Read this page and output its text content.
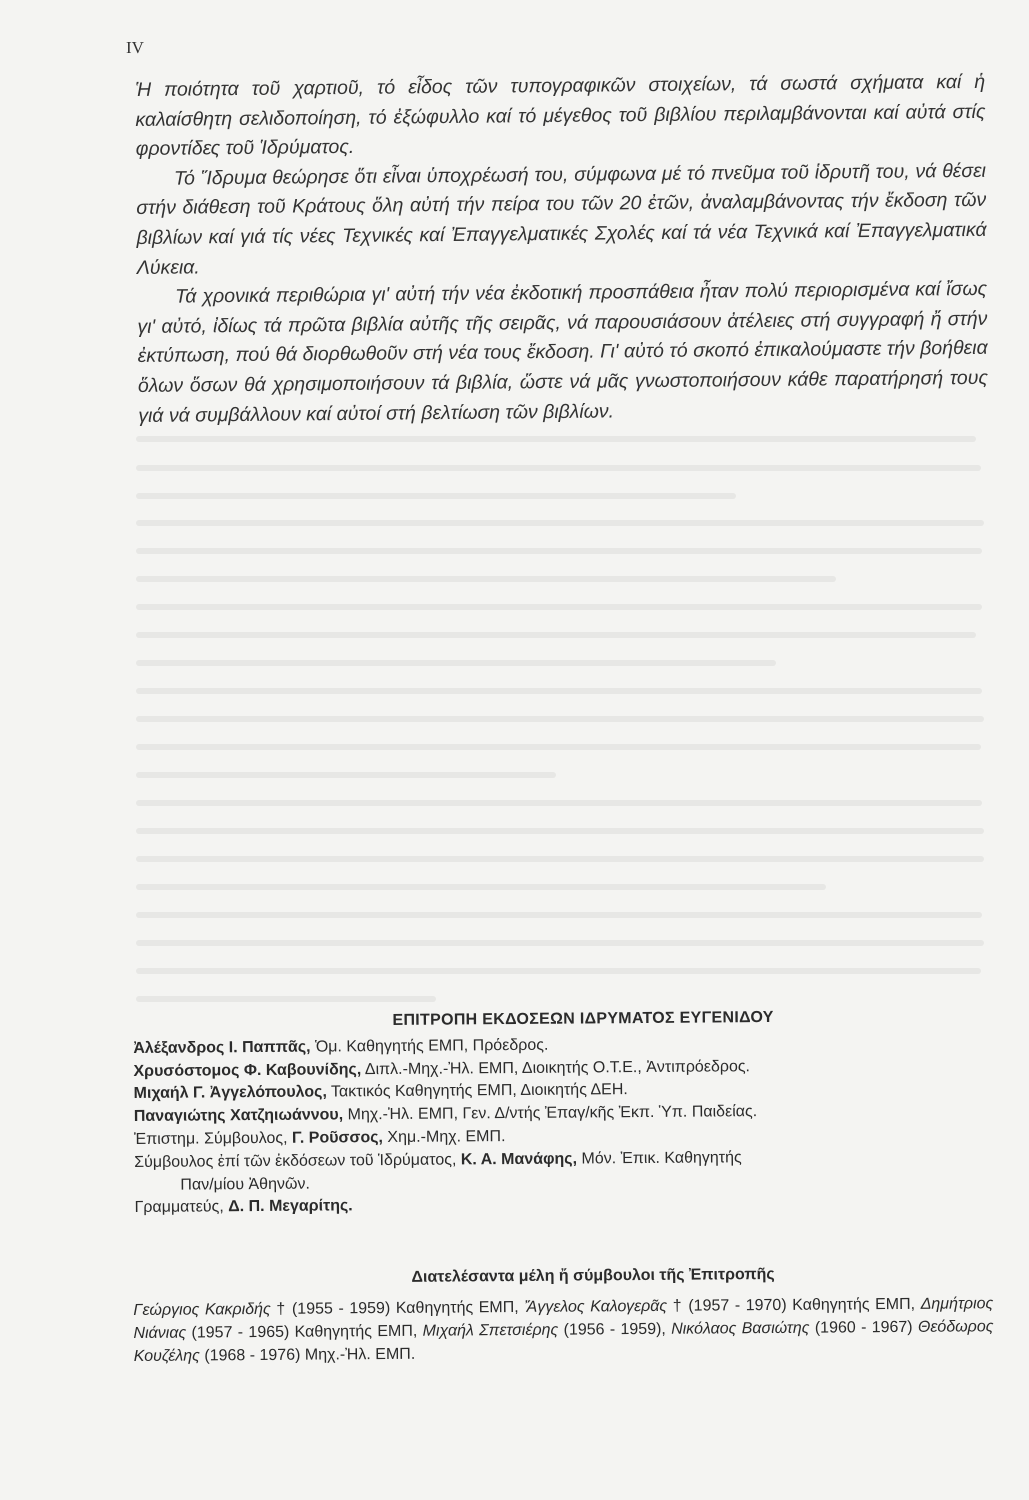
IV

Ἡ ποιότητα τοῦ χαρτιοῦ, τό εἶδος τῶν τυπογραφικῶν στοιχείων, τά σωστά σχήματα καί ἡ καλαίσθητη σελιδοποίηση, τό ἐξώφυλλο καί τό μέγεθος τοῦ βιβλίου περιλαμβάνονται καί αὐτά στίς φροντίδες τοῦ Ἱδρύματος.

Τό Ἵδρυμα θεώρησε ὅτι εἶναι ὑποχρέωσή του, σύμφωνα μέ τό πνεῦμα τοῦ ἱδρυτῆ του, νά θέσει στήν διάθεση τοῦ Κράτους ὅλη αὐτή τήν πείρα του τῶν 20 ἐτῶν, ἀναλαμβάνοντας τήν ἔκδοση τῶν βιβλίων καί γιά τίς νέες Τεχνικές καί Ἐπαγγελματικές Σχολές καί τά νέα Τεχνικά καί Ἐπαγγελματικά Λύκεια.

Τά χρονικά περιθώρια γι' αὐτή τήν νέα ἐκδοτική προσπάθεια ἦταν πολύ περιορισμένα καί ἴσως γι' αὐτό, ἰδίως τά πρῶτα βιβλία αὐτῆς τῆς σειρᾶς, νά παρουσιάσουν ἀτέλειες στή συγγραφή ἤ στήν ἐκτύπωση, πού θά διορθωθοῦν στή νέα τους ἔκδοση. Γι' αὐτό τό σκοπό ἐπικαλούμαστε τήν βοήθεια ὅλων ὅσων θά χρησιμοποιήσουν τά βιβλία, ὥστε νά μᾶς γνωστοποιήσουν κάθε παρατήρησή τους γιά νά συμβάλλουν καί αὐτοί στή βελτίωση τῶν βιβλίων.

ΕΠΙΤΡΟΠΗ ΕΚΔΟΣΕΩΝ ΙΔΡΥΜΑΤΟΣ ΕΥΓΕΝΙΔΟΥ

Ἀλέξανδρος Ι. Παππᾶς, Ὁμ. Καθηγητής ΕΜΠ, Πρόεδρος.

Χρυσόστομος Φ. Καβουνίδης, Διπλ.-Μηχ.-Ἠλ. ΕΜΠ, Διοικητής Ο.Τ.Ε., Ἀντιπρόεδρος.

Μιχαήλ Γ. Ἀγγελόπουλος, Τακτικός Καθηγητής ΕΜΠ, Διοικητής ΔΕΗ.

Παναγιώτης Χατζηιωάννου, Μηχ.-Ἠλ. ΕΜΠ, Γεν. Δ/ντής Ἐπαγ/κῆς Ἐκπ. Ὑπ. Παιδείας.

Ἐπιστημ. Σύμβουλος, Γ. Ροῦσσος, Χημ.-Μηχ. ΕΜΠ.

Σύμβουλος ἐπί τῶν ἐκδόσεων τοῦ Ἱδρύματος, Κ. Α. Μανάφης, Μόν. Ἐπικ. Καθηγητής

Παν/μίου Ἀθηνῶν.

Γραμματεύς, Δ. Π. Μεγαρίτης.

Διατελέσαντα μέλη ἤ σύμβουλοι τῆς Ἐπιτροπῆς

Γεώργιος Κακριδής † (1955 - 1959) Καθηγητής ΕΜΠ, Ἄγγελος Καλογερᾶς † (1957 - 1970) Καθηγητής ΕΜΠ, Δημήτριος Νιάνιας (1957 - 1965) Καθηγητής ΕΜΠ, Μιχαήλ Σπετσιέρης (1956 - 1959), Νικόλαος Βασιώτης (1960 - 1967) Θεόδωρος Κουζέλης (1968 - 1976) Μηχ.-Ἠλ. ΕΜΠ.
